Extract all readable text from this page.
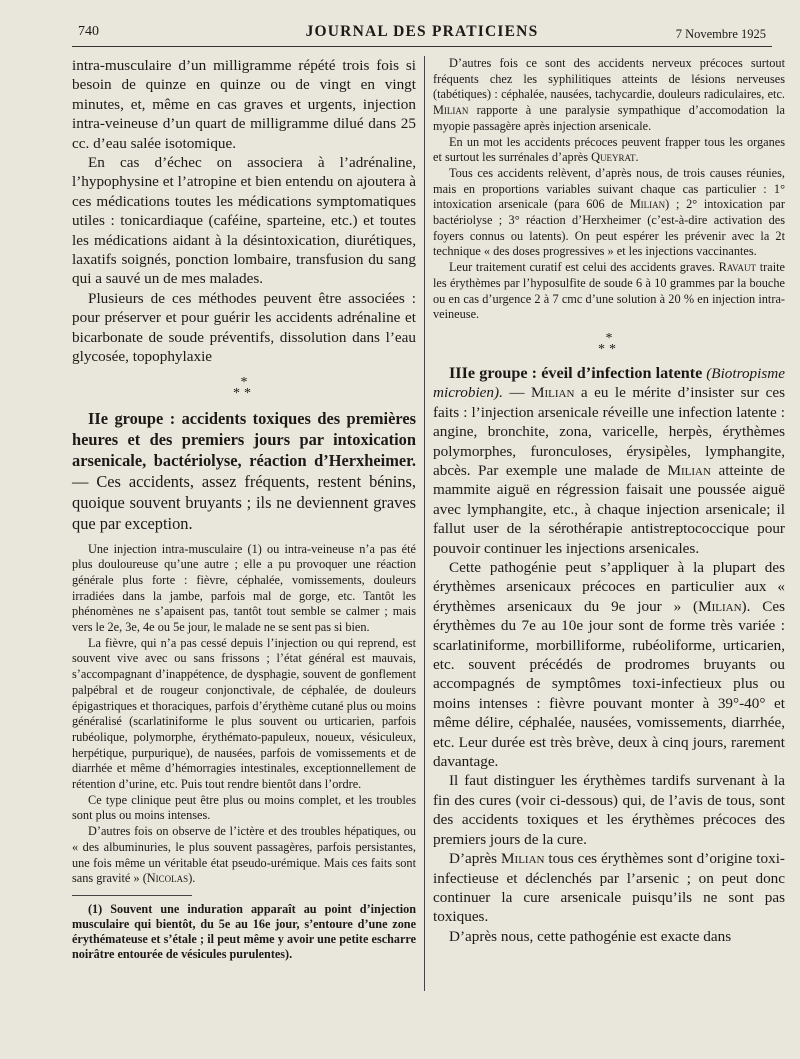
740	JOURNAL DES PRATICIENS	7 Novembre 1925

intra-musculaire d’un milligramme répété trois fois si besoin de quinze en quinze ou de vingt en vingt minutes, et, même en cas graves et urgents, injection intra-veineuse d’un quart de milligramme dilué dans 25 cc. d’eau salée isotomique.

En cas d’échec on associera à l’adrénaline, l’hypophysine et l’atropine et bien entendu on ajoutera à ces médications toutes les médications symptomatiques utiles : tonicardiaque (caféine, sparteine, etc.) et toutes les médications aidant à la désintoxication, diurétiques, laxatifs soignés, ponction lombaire, transfusion du sang qui a sauvé un de mes malades.

Plusieurs de ces méthodes peuvent être associées : pour préserver et pour guérir les accidents adrénaline et bicarbonate de soude préventifs, dissolution dans l’eau glycosée, topophylaxie

*
**

IIe groupe : accidents toxiques des premières heures et des premiers jours par intoxication arsenicale, bactériolyse, réaction d’Herxheimer. — Ces accidents, assez fréquents, restent bénins, quoique souvent bruyants ; ils ne deviennent graves que par exception.

Une injection intra-musculaire (1) ou intra-veineuse n’a pas été plus douloureuse qu’une autre ; elle a pu provoquer une réaction générale plus forte : fièvre, céphalée, vomissements, douleurs irradiées dans la jambe, parfois mal de gorge, etc. Tantôt les phénomènes ne s’apaisent pas, tantôt tout semble se calmer ; mais vers le 2e, 3e, 4e ou 5e jour, le malade ne se sent pas si bien.

La fièvre, qui n’a pas cessé depuis l’injection ou qui reprend, est souvent vive avec ou sans frissons ; l’état général est mauvais, s’accompagnant d’inappétence, de dysphagie, souvent de gonflement palpébral et de rougeur conjonctivale, de céphalée, de douleurs épigastriques et thoraciques, parfois d’érythème cutané plus ou moins généralisé (scarlatiniforme le plus souvent ou urticarien, parfois rubéolique, polymorphe, érythémato-papuleux, noueux, vésiculeux, herpétique, purpurique), de nausées, parfois de vomissements et de diarrhée et même d’hémorragies intestinales, exceptionnellement de rétention d’urine, etc. Puis tout rendre bientôt dans l’ordre.

Ce type clinique peut être plus ou moins complet, et les troubles sont plus ou moins intenses.

D’autres fois on observe de l’ictère et des troubles hépatiques, ou « des albuminuries, le plus souvent passagères, parfois persistantes, une fois même un véritable état pseudo-urémique. Mais ces faits sont sans gravité » (Nicolas).

(1) Souvent une induration apparaît au point d’injection musculaire qui bientôt, du 5e au 16e jour, s’entoure d’une zone érythémateuse et s’étale ; il peut même y avoir une petite escharre noirâtre entourée de vésicules purulentes).

D’autres fois ce sont des accidents nerveux précoces surtout fréquents chez les syphilitiques atteints de lésions nerveuses (tabétiques) : céphalée, nausées, tachycardie, douleurs radiculaires, etc. Milian rapporte à une paralysie sympathique d’accomodation la myopie passagère après injection arsenicale.

En un mot les accidents précoces peuvent frapper tous les organes et surtout les surrénales d’après Queyrat.

Tous ces accidents relèvent, d’après nous, de trois causes réunies, mais en proportions variables suivant chaque cas particulier : 1° intoxication arsenicale (para 606 de Milian) ; 2° intoxication par bactériolyse ; 3° réaction d’Herxheimer (c’est-à-dire activation des foyers connus ou latents). On peut espérer les prévenir avec la 2t technique « des doses progressives » et les injections vaccinantes.

Leur traitement curatif est celui des accidents graves. Ravaut traite les érythèmes par l’hyposulfite de soude 6 à 10 grammes par la bouche ou en cas d’urgence 2 à 7 cmc d’une solution à 20 % en injection intra-veineuse.

*
**

IIIe groupe : éveil d’infection latente (Biotropisme microbien). — Milian a eu le mérite d’insister sur ces faits : l’injection arsenicale réveille une infection latente : angine, bronchite, zona, varicelle, herpès, érythèmes polymorphes, furonculoses, érysipèles, lymphangite, abcès. Par exemple une malade de Milian atteinte de mammite aiguë en régression faisait une poussée aiguë avec lymphangite, etc., à chaque injection arsenicale; il fallut user de la sérothérapie antistreptococcique pour pouvoir continuer les injections arsenicales.

Cette pathogénie peut s’appliquer à la plupart des érythèmes arsenicaux précoces en particulier aux « érythèmes arsenicaux du 9e jour » (Milian). Ces érythèmes du 7e au 10e jour sont de forme très variée : scarlatiniforme, morbilliforme, rubéoliforme, urticarien, etc. souvent précédés de prodromes bruyants ou accompagnés de symptômes toxi-infectieux plus ou moins intenses : fièvre pouvant monter à 39°-40° et même délire, céphalée, nausées, vomissements, diarrhée, etc. Leur durée est très brève, deux à cinq jours, rarement davantage.

Il faut distinguer les érythèmes tardifs survenant à la fin des cures (voir ci-dessous) qui, de l’avis de tous, sont des accidents toxiques et les érythèmes précoces des premiers jours de la cure.

D’après Milian tous ces érythèmes sont d’origine toxi-infectieuse et déclenchés par l’arsenic ; on peut donc continuer la cure arsenicale puisqu’ils ne sont pas toxiques.

D’après nous, cette pathogénie est exacte dans
